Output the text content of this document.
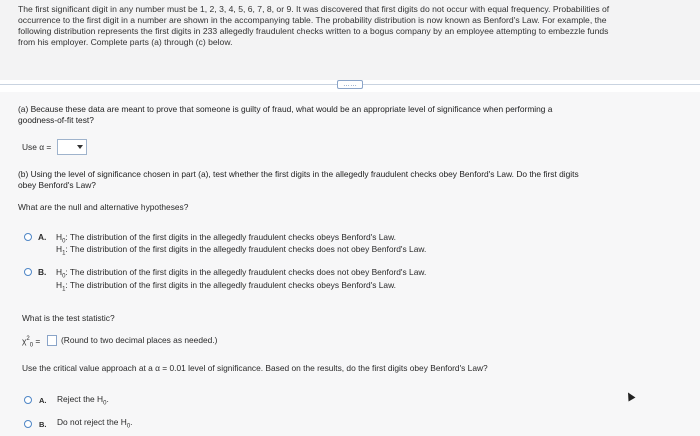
The first significant digit in any number must be 1, 2, 3, 4, 5, 6, 7, 8, or 9. It was discovered that first digits do not occur with equal frequency. Probabilities of
occurrence to the first digit in a number are shown in the accompanying table. The probability distribution is now known as Benford's Law. For example, the
following distribution represents the first digits in 233 allegedly fraudulent checks written to a bogus company by an employee attempting to embezzle funds
from his employer. Complete parts (a) through (c) below.
……
(a) Because these data are meant to prove that someone is guilty of fraud, what would be an appropriate level of significance when performing a
goodness-of-fit test?
Use α =
(b) Using the level of significance chosen in part (a), test whether the first digits in the allegedly fraudulent checks obey Benford's Law. Do the first digits
obey Benford's Law?
What are the null and alternative hypotheses?
A. $H_0$: The distribution of the first digits in the allegedly fraudulent checks obeys Benford's Law.
$H_1$: The distribution of the first digits in the allegedly fraudulent checks does not obey Benford's Law.
B. $H_0$: The distribution of the first digits in the allegedly fraudulent checks does not obey Benford's Law.
$H_1$: The distribution of the first digits in the allegedly fraudulent checks obeys Benford's Law.
What is the test statistic?
$\chi^2_0$ = (Round to two decimal places as needed.)
Use the critical value approach at a α = 0.01 level of significance. Based on the results, do the first digits obey Benford's Law?
A. Reject the $H_0$.
B. Do not reject the $H_0$.
